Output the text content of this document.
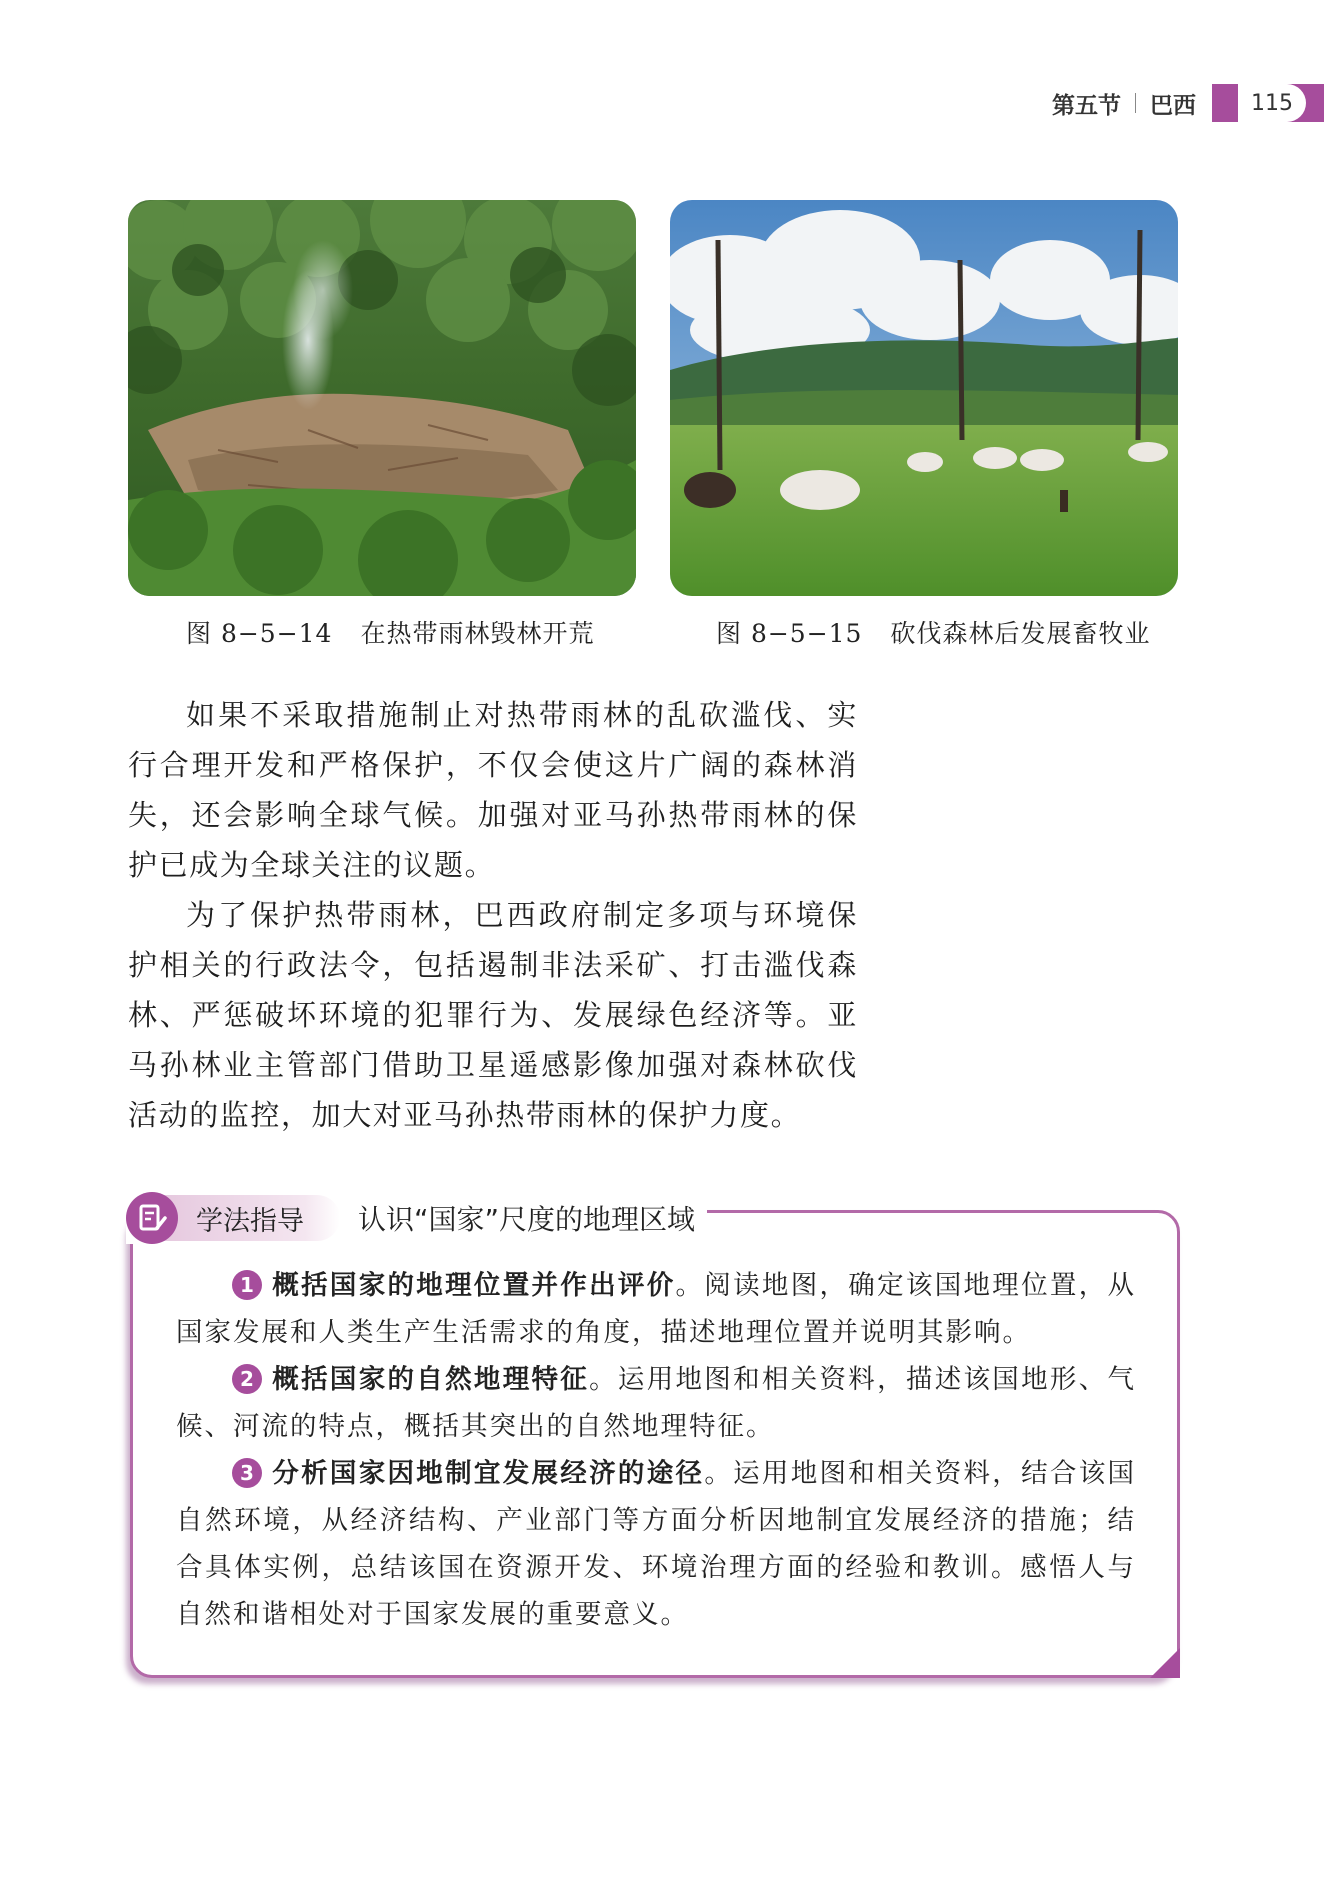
第五节 巴西	115
图 8−5−14 在热带雨林毁林开荒	图 8−5−15 砍伐森林后发展畜牧业

如果不采取措施制止对热带雨林的乱砍滥伐、实行合理开发和严格保护，不仅会使这片广阔的森林消失，还会影响全球气候。加强对亚马孙热带雨林的保护已成为全球关注的议题。

为了保护热带雨林，巴西政府制定多项与环境保护相关的行政法令，包括遏制非法采矿、打击滥伐森林、严惩破坏环境的犯罪行为、发展绿色经济等。亚马孙林业主管部门借助卫星遥感影像加强对森林砍伐活动的监控，加大对亚马孙热带雨林的保护力度。

学法指导	认识“国家”尺度的地理区域

1 概括国家的地理位置并作出评价。阅读地图，确定该国地理位置，从国家发展和人类生产生活需求的角度，描述地理位置并说明其影响。

2 概括国家的自然地理特征。运用地图和相关资料，描述该国地形、气候、河流的特点，概括其突出的自然地理特征。

3 分析国家因地制宜发展经济的途径。运用地图和相关资料，结合该国自然环境，从经济结构、产业部门等方面分析因地制宜发展经济的措施；结合具体实例，总结该国在资源开发、环境治理方面的经验和教训。感悟人与自然和谐相处对于国家发展的重要意义。
